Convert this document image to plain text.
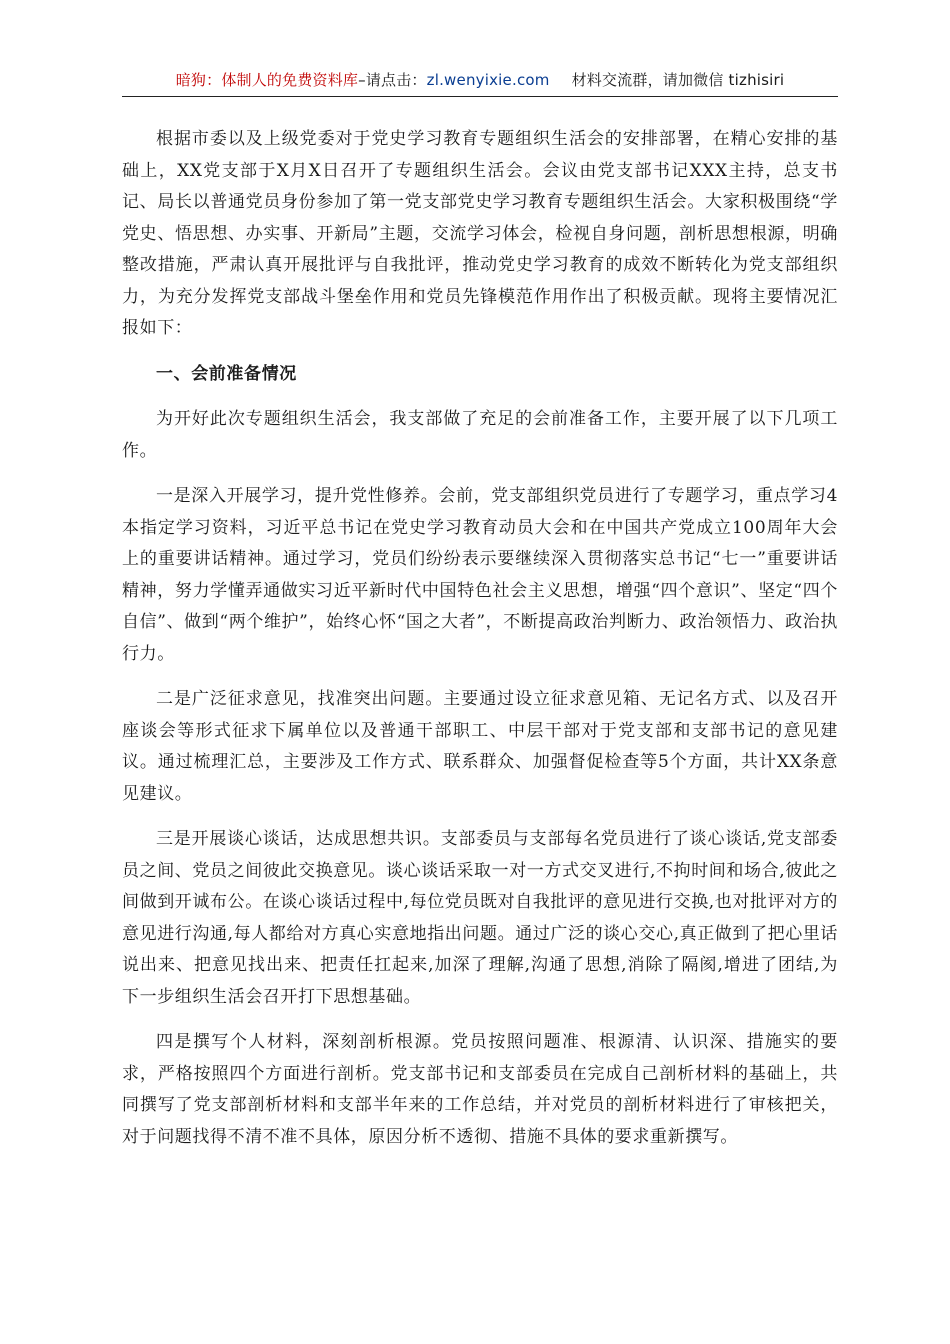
暗狗：体制人的免费资料库–请点击：zl.wenyixie.com 材料交流群，请加微信 tizhisiri

根据市委以及上级党委对于党史学习教育专题组织生活会的安排部署，在精心安排的基础上，XX党支部于X月X日召开了专题组织生活会。会议由党支部书记XXX主持，总支书记、局长以普通党员身份参加了第一党支部党史学习教育专题组织生活会。大家积极围绕“学党史、悟思想、办实事、开新局”主题，交流学习体会，检视自身问题，剖析思想根源，明确整改措施，严肃认真开展批评与自我批评，推动党史学习教育的成效不断转化为党支部组织力，为充分发挥党支部战斗堡垒作用和党员先锋模范作用作出了积极贡献。现将主要情况汇报如下：

一、会前准备情况

为开好此次专题组织生活会，我支部做了充足的会前准备工作，主要开展了以下几项工作。

一是深入开展学习，提升党性修养。会前，党支部组织党员进行了专题学习，重点学习4本指定学习资料，习近平总书记在党史学习教育动员大会和在中国共产党成立100周年大会上的重要讲话精神。通过学习，党员们纷纷表示要继续深入贯彻落实总书记“七一”重要讲话精神，努力学懂弄通做实习近平新时代中国特色社会主义思想，增强“四个意识”、坚定“四个自信”、做到“两个维护”，始终心怀“国之大者”，不断提高政治判断力、政治领悟力、政治执行力。

二是广泛征求意见，找准突出问题。主要通过设立征求意见箱、无记名方式、以及召开座谈会等形式征求下属单位以及普通干部职工、中层干部对于党支部和支部书记的意见建议。通过梳理汇总，主要涉及工作方式、联系群众、加强督促检查等5个方面，共计XX条意见建议。

三是开展谈心谈话，达成思想共识。支部委员与支部每名党员进行了谈心谈话,党支部委员之间、党员之间彼此交换意见。谈心谈话采取一对一方式交叉进行,不拘时间和场合,彼此之间做到开诚布公。在谈心谈话过程中,每位党员既对自我批评的意见进行交换,也对批评对方的意见进行沟通,每人都给对方真心实意地指出问题。通过广泛的谈心交心,真正做到了把心里话说出来、把意见找出来、把责任扛起来,加深了理解,沟通了思想,消除了隔阂,增进了团结,为下一步组织生活会召开打下思想基础。

四是撰写个人材料，深刻剖析根源。党员按照问题准、根源清、认识深、措施实的要求，严格按照四个方面进行剖析。党支部书记和支部委员在完成自己剖析材料的基础上，共同撰写了党支部剖析材料和支部半年来的工作总结，并对党员的剖析材料进行了审核把关，对于问题找得不清不准不具体，原因分析不透彻、措施不具体的要求重新撰写。
